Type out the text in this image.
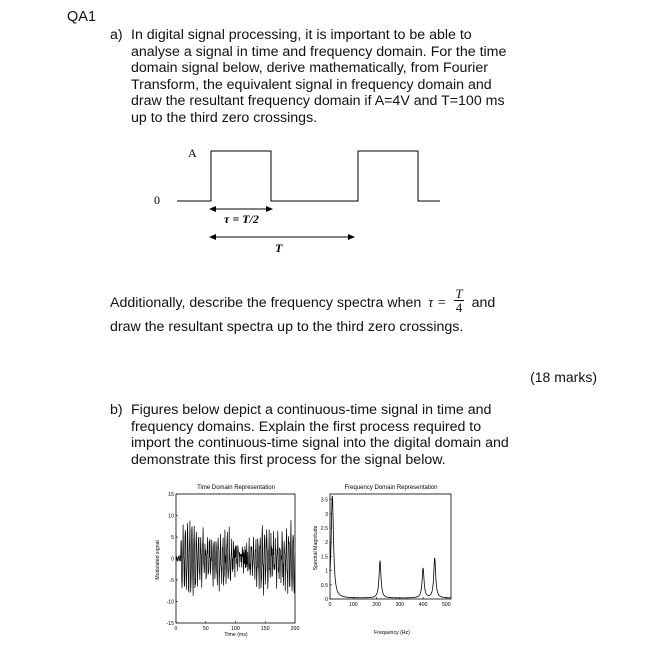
QA1
a) In digital signal processing, it is important to be able to
analyse a signal in time and frequency domain. For the time
domain signal below, derive mathematically, from Fourier
Transform, the equivalent signal in frequency domain and
draw the resultant frequency domain if A=4V and T=100 ms
up to the third zero crossings.
A
0
τ = T/2
T
Additionally, describe the frequency spectra when $\tau = \frac{T}{4}$ and
draw the resultant spectra up to the third zero crossings.
(18 marks)
b) Figures below depict a continuous-time signal in time and
frequency domains. Explain the first process required to
import the continuous-time signal into the digital domain and
demonstrate this first process for the signal below.
Time Domain Representation
15
10
5
0
-5
-10
-15
0	50	100	150	200
Time (ms)
Modulated signal
Frequency Domain Representation
3.5
3
2.5
2
1.5
1
0.5
0
0	100	200	300	400	500
Frequency (Hz)
Spectral Magnitude
